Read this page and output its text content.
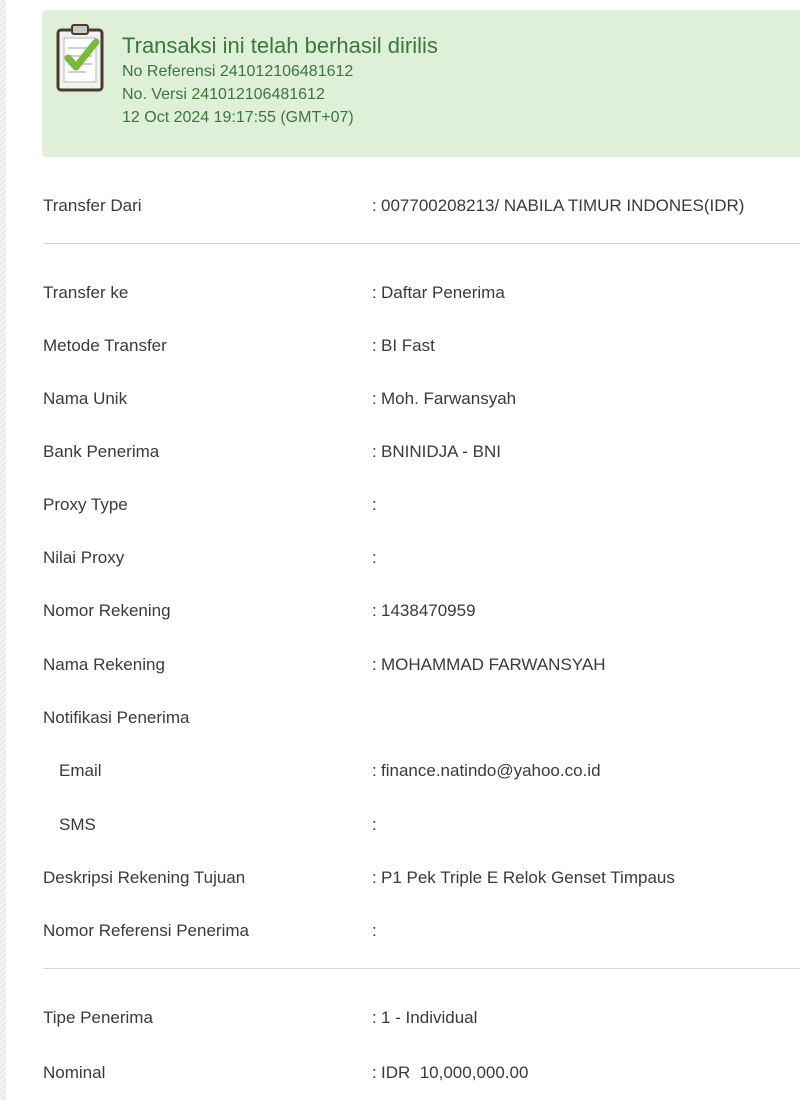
Transaksi ini telah berhasil dirilis
No Referensi 241012106481612
No. Versi 241012106481612
12 Oct 2024 19:17:55 (GMT+07)
Transfer Dari	: 007700208213/ NABILA TIMUR INDONES(IDR)
Transfer ke	: Daftar Penerima
Metode Transfer	: BI Fast
Nama Unik	: Moh. Farwansyah
Bank Penerima	: BNINIDJA - BNI
Proxy Type	:
Nilai Proxy	:
Nomor Rekening	: 1438470959
Nama Rekening	: MOHAMMAD FARWANSYAH
Notifikasi Penerima
Email	: finance.natindo@yahoo.co.id
SMS	:
Deskripsi Rekening Tujuan	: P1 Pek Triple E Relok Genset Timpaus
Nomor Referensi Penerima	:
Tipe Penerima	: 1 - Individual
Nominal	: IDR  10,000,000.00
